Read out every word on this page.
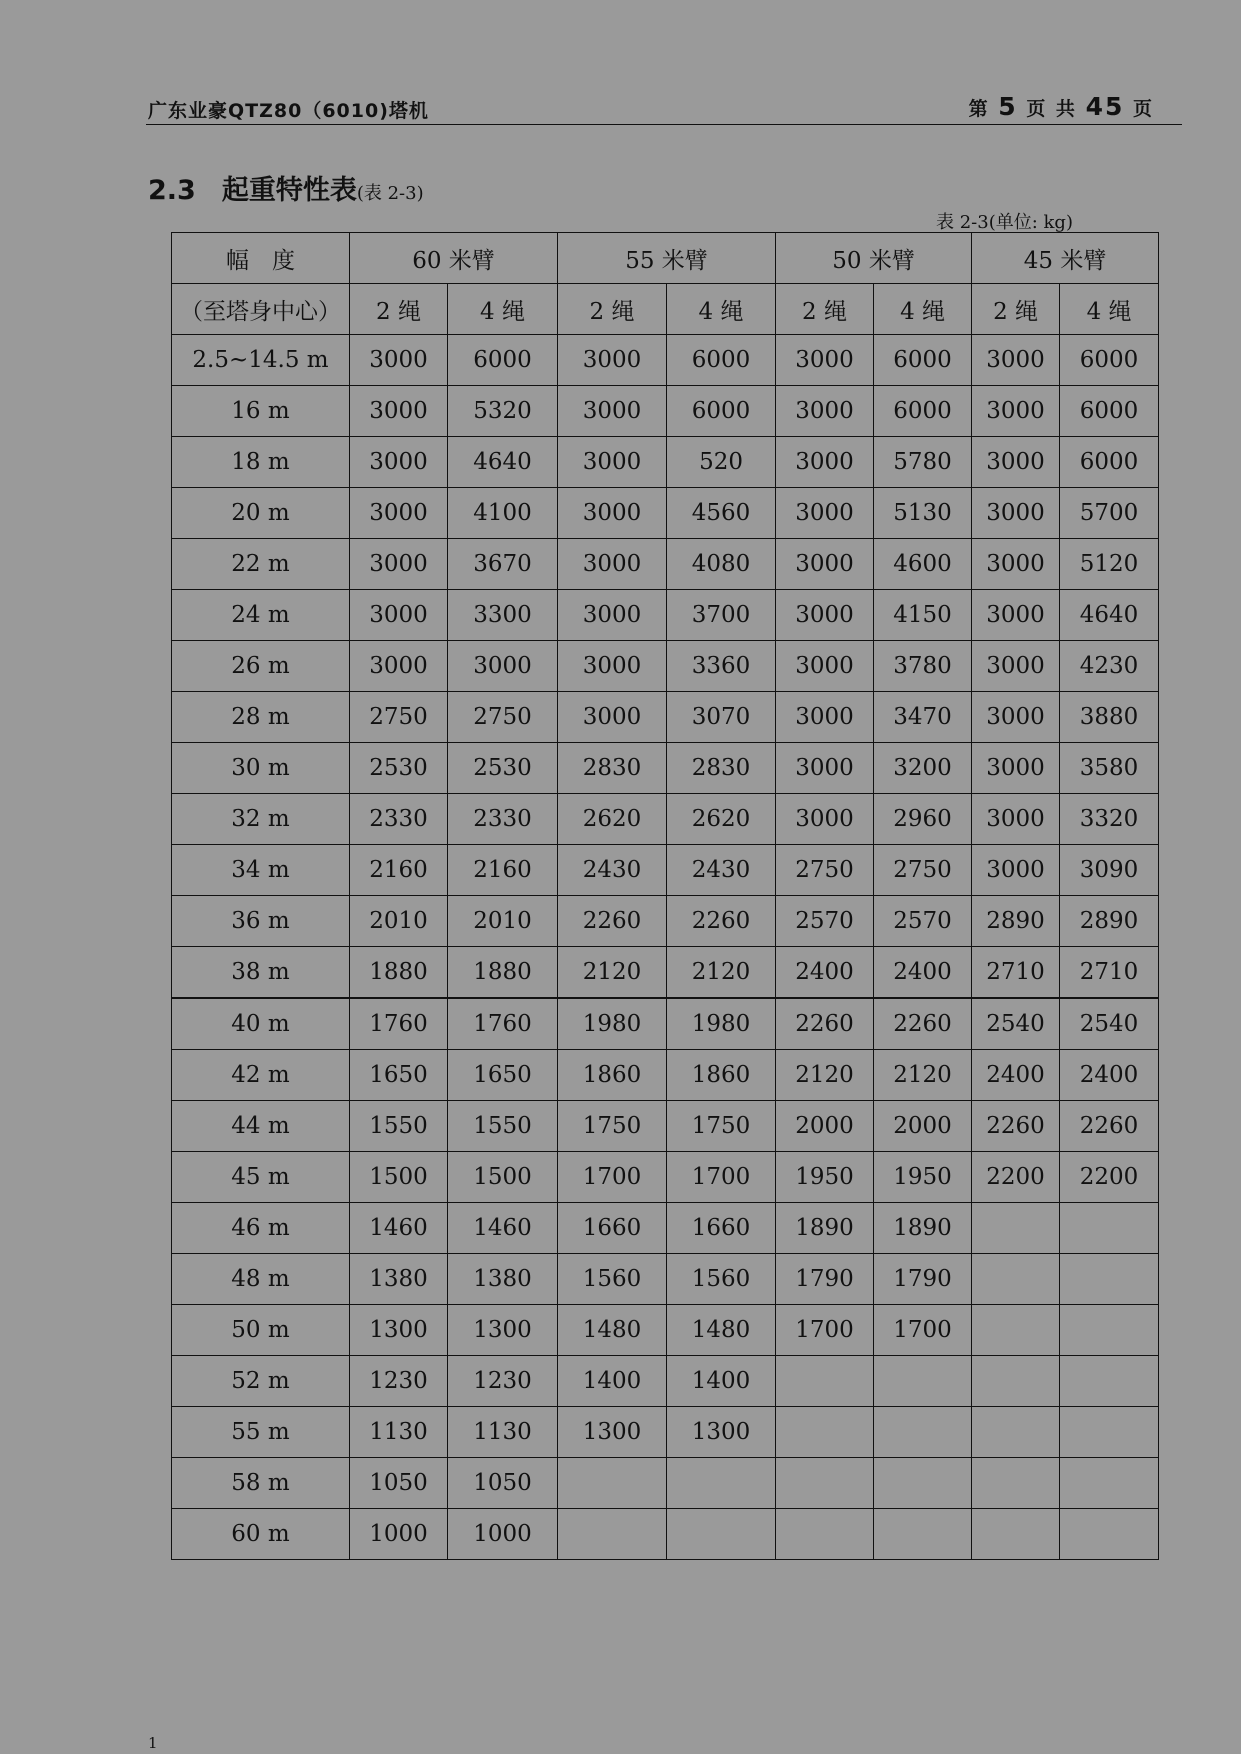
广东业豪QTZ80（6010)塔机	第 5 页 共 45 页
2.3 起重特性表(表 2-3)
表 2-3(单位: kg)
幅　度	60 米臂		55 米臂		50 米臂		45 米臂	
（至塔身中心）	2 绳	4 绳	2 绳	4 绳	2 绳	4 绳	2 绳	4 绳
2.5~14.5 m	3000	6000	3000	6000	3000	6000	3000	6000
16 m	3000	5320	3000	6000	3000	6000	3000	6000
18 m	3000	4640	3000	520	3000	5780	3000	6000
20 m	3000	4100	3000	4560	3000	5130	3000	5700
22 m	3000	3670	3000	4080	3000	4600	3000	5120
24 m	3000	3300	3000	3700	3000	4150	3000	4640
26 m	3000	3000	3000	3360	3000	3780	3000	4230
28 m	2750	2750	3000	3070	3000	3470	3000	3880
30 m	2530	2530	2830	2830	3000	3200	3000	3580
32 m	2330	2330	2620	2620	3000	2960	3000	3320
34 m	2160	2160	2430	2430	2750	2750	3000	3090
36 m	2010	2010	2260	2260	2570	2570	2890	2890
38 m	1880	1880	2120	2120	2400	2400	2710	2710
40 m	1760	1760	1980	1980	2260	2260	2540	2540
42 m	1650	1650	1860	1860	2120	2120	2400	2400
44 m	1550	1550	1750	1750	2000	2000	2260	2260
45 m	1500	1500	1700	1700	1950	1950	2200	2200
46 m	1460	1460	1660	1660	1890	1890		
48 m	1380	1380	1560	1560	1790	1790		
50 m	1300	1300	1480	1480	1700	1700		
52 m	1230	1230	1400	1400				
55 m	1130	1130	1300	1300				
58 m	1050	1050						
60 m	1000	1000						
1
